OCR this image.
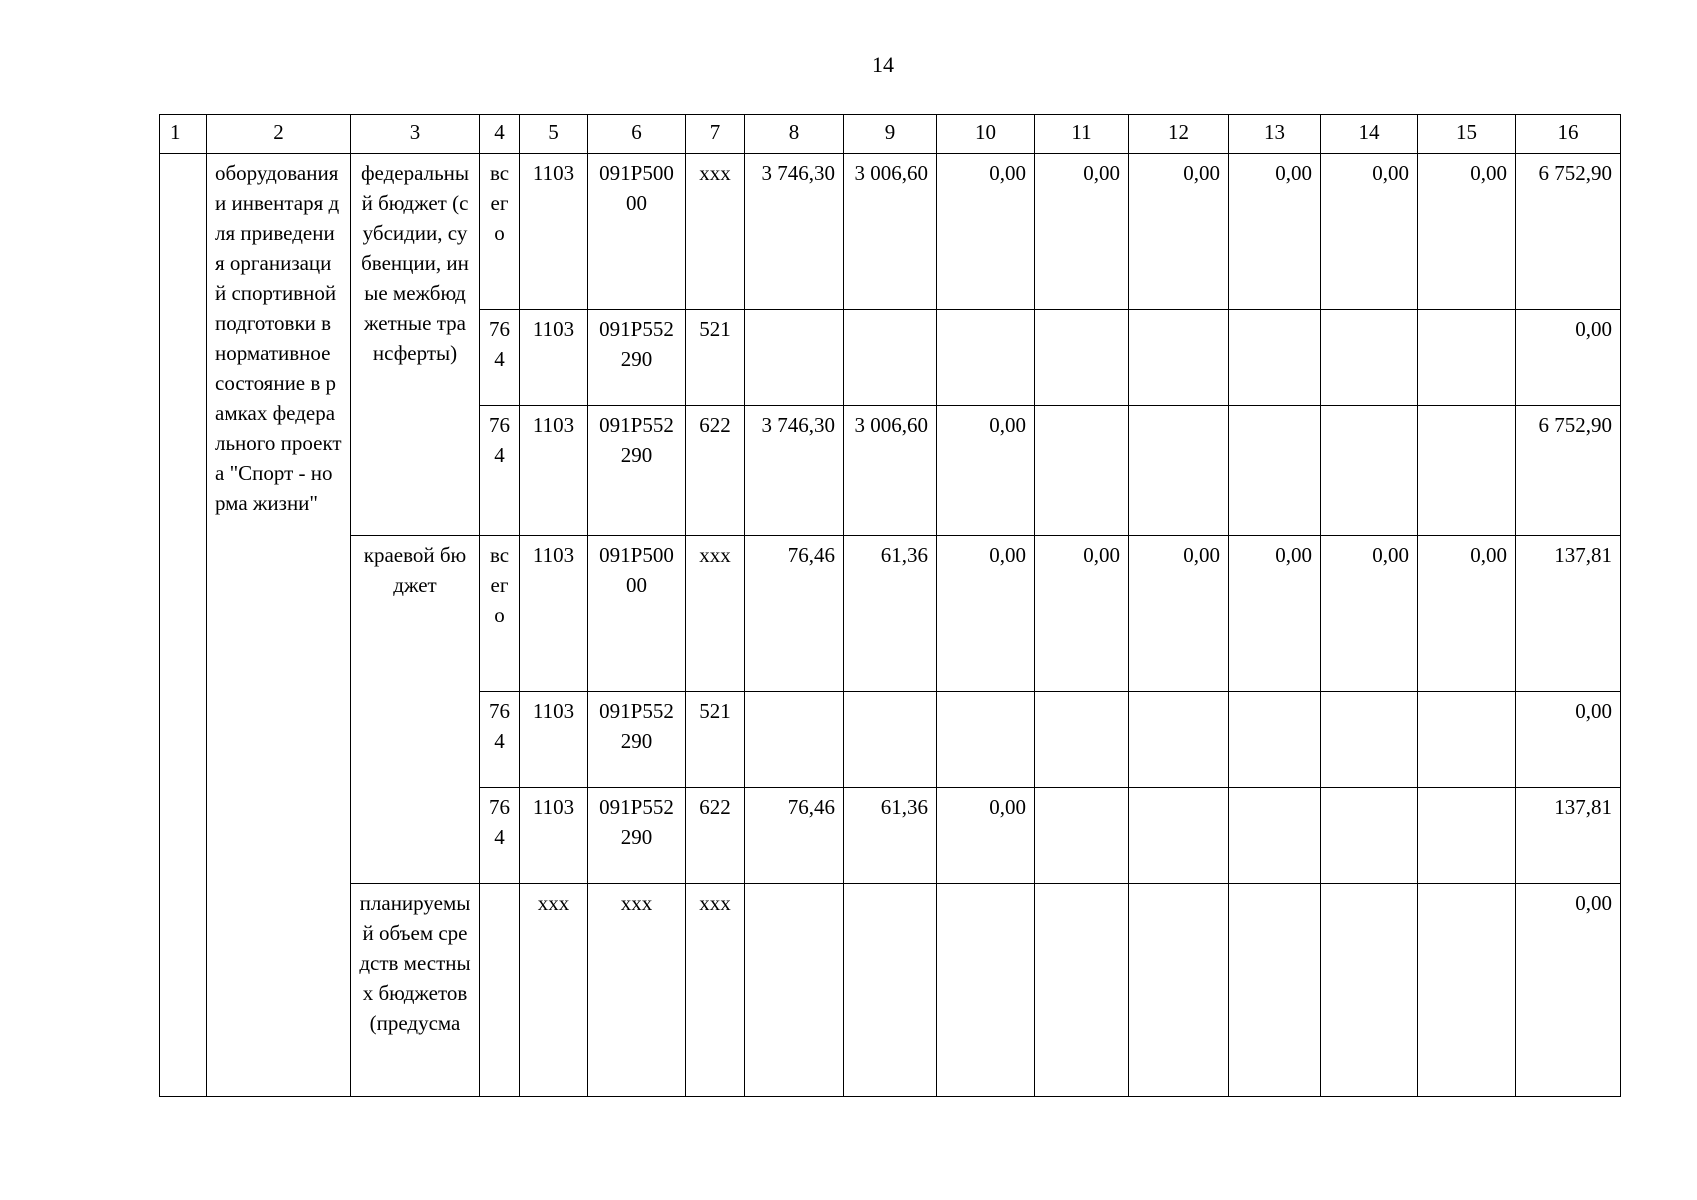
14
1	2	3	4	5	6	7	8	9	10	11	12	13	14	15	16
	оборудования и инвентаря для приведения организаций спортивной подготовки в нормативное состояние в рамках федерального проекта "Спорт - норма жизни"	федеральный бюджет (субсидии, субвенции, иные межбюджетные трансферты)	всего	1103	091P50000	xxx	3 746,30	3 006,60	0,00	0,00	0,00	0,00	0,00	0,00	6 752,90
			764	1103	091P552290	521									0,00
			764	1103	091P552290	622	3 746,30	3 006,60	0,00						6 752,90
		краевой бюджет	всего	1103	091P50000	xxx	76,46	61,36	0,00	0,00	0,00	0,00	0,00	0,00	137,81
			764	1103	091P552290	521									0,00
			764	1103	091P552290	622	76,46	61,36	0,00						137,81
		планируемый объем средств местных бюджетов (предусма		xxx	xxx	xxx									0,00
